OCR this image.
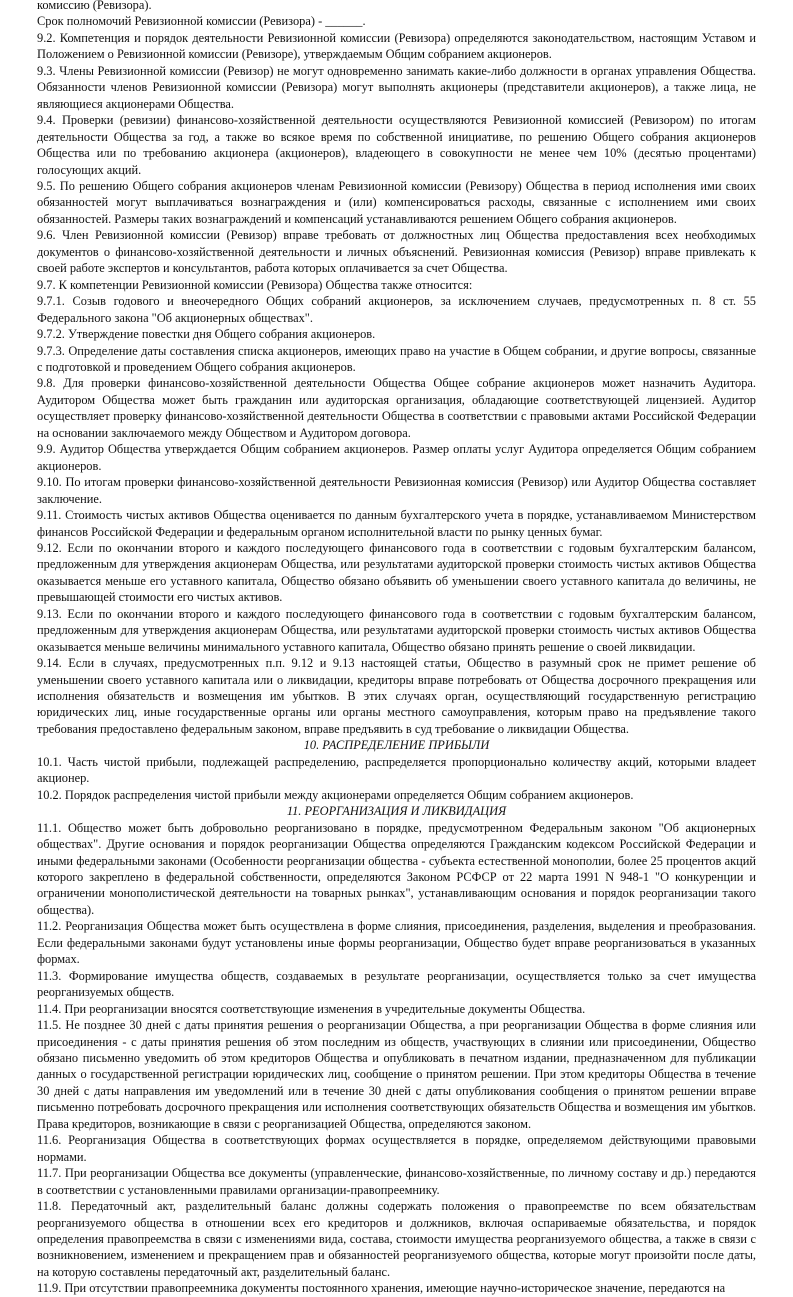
комиссию (Ревизора).

Срок полномочий Ревизионной комиссии (Ревизора) - ______.

9.2. Компетенция и порядок деятельности Ревизионной комиссии (Ревизора) определяются законодательством, настоящим Уставом и Положением о Ревизионной комиссии (Ревизоре), утверждаемым Общим собранием акционеров.

9.3. Члены Ревизионной комиссии (Ревизор) не могут одновременно занимать какие-либо должности в органах управления Общества. Обязанности членов Ревизионной комиссии (Ревизора) могут выполнять акционеры (представители акционеров), а также лица, не являющиеся акционерами Общества.

9.4. Проверки (ревизии) финансово-хозяйственной деятельности осуществляются Ревизионной комиссией (Ревизором) по итогам деятельности Общества за год, а также во всякое время по собственной инициативе, по решению Общего собрания акционеров Общества или по требованию акционера (акционеров), владеющего в совокупности не менее чем 10% (десятью процентами) голосующих акций.

9.5. По решению Общего собрания акционеров членам Ревизионной комиссии (Ревизору) Общества в период исполнения ими своих обязанностей могут выплачиваться вознаграждения и (или) компенсироваться расходы, связанные с исполнением ими своих обязанностей. Размеры таких вознаграждений и компенсаций устанавливаются решением Общего собрания акционеров.

9.6. Член Ревизионной комиссии (Ревизор) вправе требовать от должностных лиц Общества предоставления всех необходимых документов о финансово-хозяйственной деятельности и личных объяснений. Ревизионная комиссия (Ревизор) вправе привлекать к своей работе экспертов и консультантов, работа которых оплачивается за счет Общества.

9.7. К компетенции Ревизионной комиссии (Ревизора) Общества также относится:

9.7.1. Созыв годового и внеочередного Общих собраний акционеров, за исключением случаев, предусмотренных п. 8 ст. 55 Федерального закона "Об акционерных обществах".

9.7.2. Утверждение повестки дня Общего собрания акционеров.

9.7.3. Определение даты составления списка акционеров, имеющих право на участие в Общем собрании, и другие вопросы, связанные с подготовкой и проведением Общего собрания акционеров.

9.8. Для проверки финансово-хозяйственной деятельности Общества Общее собрание акционеров может назначить Аудитора. Аудитором Общества может быть гражданин или аудиторская организация, обладающие соответствующей лицензией. Аудитор осуществляет проверку финансово-хозяйственной деятельности Общества в соответствии с правовыми актами Российской Федерации на основании заключаемого между Обществом и Аудитором договора.

9.9. Аудитор Общества утверждается Общим собранием акционеров. Размер оплаты услуг Аудитора определяется Общим собранием акционеров.

9.10. По итогам проверки финансово-хозяйственной деятельности Ревизионная комиссия (Ревизор) или Аудитор Общества составляет заключение.

9.11. Стоимость чистых активов Общества оценивается по данным бухгалтерского учета в порядке, устанавливаемом Министерством финансов Российской Федерации и федеральным органом исполнительной власти по рынку ценных бумаг.

9.12. Если по окончании второго и каждого последующего финансового года в соответствии с годовым бухгалтерским балансом, предложенным для утверждения акционерам Общества, или результатами аудиторской проверки стоимость чистых активов Общества оказывается меньше его уставного капитала, Общество обязано объявить об уменьшении своего уставного капитала до величины, не превышающей стоимости его чистых активов.

9.13. Если по окончании второго и каждого последующего финансового года в соответствии с годовым бухгалтерским балансом, предложенным для утверждения акционерам Общества, или результатами аудиторской проверки стоимость чистых активов Общества оказывается меньше величины минимального уставного капитала, Общество обязано принять решение о своей ликвидации.

9.14. Если в случаях, предусмотренных п.п. 9.12 и 9.13 настоящей статьи, Общество в разумный срок не примет решение об уменьшении своего уставного капитала или о ликвидации, кредиторы вправе потребовать от Общества досрочного прекращения или исполнения обязательств и возмещения им убытков. В этих случаях орган, осуществляющий государственную регистрацию юридических лиц, иные государственные органы или органы местного самоуправления, которым право на предъявление такого требования предоставлено федеральным законом, вправе предъявить в суд требование о ликвидации Общества.

10. РАСПРЕДЕЛЕНИЕ ПРИБЫЛИ

10.1. Часть чистой прибыли, подлежащей распределению, распределяется пропорционально количеству акций, которыми владеет акционер.

10.2. Порядок распределения чистой прибыли между акционерами определяется Общим собранием акционеров.

11. РЕОРГАНИЗАЦИЯ И ЛИКВИДАЦИЯ

11.1. Общество может быть добровольно реорганизовано в порядке, предусмотренном Федеральным законом "Об акционерных обществах". Другие основания и порядок реорганизации Общества определяются Гражданским кодексом Российской Федерации и иными федеральными законами (Особенности реорганизации общества - субъекта естественной монополии, более 25 процентов акций которого закреплено в федеральной собственности, определяются Законом РСФСР от 22 марта 1991 N 948-1 "О конкуренции и ограничении монополистической деятельности на товарных рынках", устанавливающим основания и порядок реорганизации такого общества).

11.2. Реорганизация Общества может быть осуществлена в форме слияния, присоединения, разделения, выделения и преобразования. Если федеральными законами будут установлены иные формы реорганизации, Общество будет вправе реорганизоваться в указанных формах.

11.3. Формирование имущества обществ, создаваемых в результате реорганизации, осуществляется только за счет имущества реорганизуемых обществ.

11.4. При реорганизации вносятся соответствующие изменения в учредительные документы Общества.

11.5. Не позднее 30 дней с даты принятия решения о реорганизации Общества, а при реорганизации Общества в форме слияния или присоединения - с даты принятия решения об этом последним из обществ, участвующих в слиянии или присоединении, Общество обязано письменно уведомить об этом кредиторов Общества и опубликовать в печатном издании, предназначенном для публикации данных о государственной регистрации юридических лиц, сообщение о принятом решении. При этом кредиторы Общества в течение 30 дней с даты направления им уведомлений или в течение 30 дней с даты опубликования сообщения о принятом решении вправе письменно потребовать досрочного прекращения или исполнения соответствующих обязательств Общества и возмещения им убытков. Права кредиторов, возникающие в связи с реорганизацией Общества, определяются законом.

11.6. Реорганизация Общества в соответствующих формах осуществляется в порядке, определяемом действующими правовыми нормами.

11.7. При реорганизации Общества все документы (управленческие, финансово-хозяйственные, по личному составу и др.) передаются в соответствии с установленными правилами организации-правопреемнику.

11.8. Передаточный акт, разделительный баланс должны содержать положения о правопреемстве по всем обязательствам реорганизуемого общества в отношении всех его кредиторов и должников, включая оспариваемые обязательства, и порядок определения правопреемства в связи с изменениями вида, состава, стоимости имущества реорганизуемого общества, а также в связи с возникновением, изменением и прекращением прав и обязанностей реорганизуемого общества, которые могут произойти после даты, на которую составлены передаточный акт, разделительный баланс.

11.9. При отсутствии правопреемника документы постоянного хранения, имеющие научно-историческое значение, передаются на
